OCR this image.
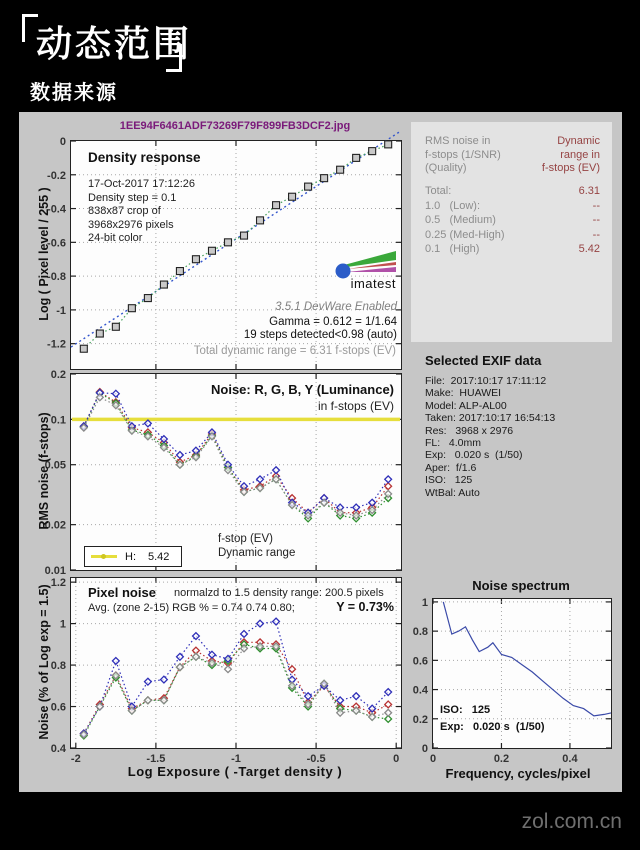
动态范围
数据来源
1EE94F6461ADF73269F79F899FB3DCF2.jpg
0
-0.2
-0.4
-0.6
-0.8
-1
-1.2
Density response
17-Oct-2017 17:12:26
Density step = 0.1
838x87 crop of
3968x2976 pixels
24-bit color
imatest
3.5.1 DevWare Enabled
Gamma = 0.612 = 1/1.64
19 steps detected<0.98 (auto)
Total dynamic range = 6.31 f-stops (EV)
Log ( Pixel level / 255 )
0.2
0.1
0.05
0.02
0.01
Noise: R, G, B, Y (Luminance)
in f-stops (EV)
f-stop (EV)
Dynamic range
H: 5.42
RMS noise (f-stops)
-2	-1.5	-1	-0.5	0
1.2
1
0.8
0.6
0.4
Pixel noise normalzd to 1.5 density range: 200.5 pixels
Avg. (zone 2-15) RGB % = 0.74 0.74 0.80;	Y = 0.73%
Log Exposure ( -Target density )
Noise (% of Log exp = 1.5)
RMS noise in
f-stops (1/SNR)
(Quality)
Dynamic
range in
f-stops (EV)
Total:	6.31
1.0   (Low):	--
0.5   (Medium)	--
0.25 (Med-High)	--
0.1   (High)	5.42
Selected EXIF data
File:  2017:10:17 17:11:12
Make:  HUAWEI
Model: ALP-AL00
Taken: 2017:10:17 16:54:13
Res:   3968 x 2976
FL:   4.0mm
Exp:   0.020 s  (1/50)
Aper:  f/1.6
ISO:   125
WtBal: Auto
Noise spectrum
0	0.2	0.4
1
0.8
0.6
0.4
0.2
0
ISO:   125
Exp:   0.020 s  (1/50)
Frequency, cycles/pixel
zol.com.cn
